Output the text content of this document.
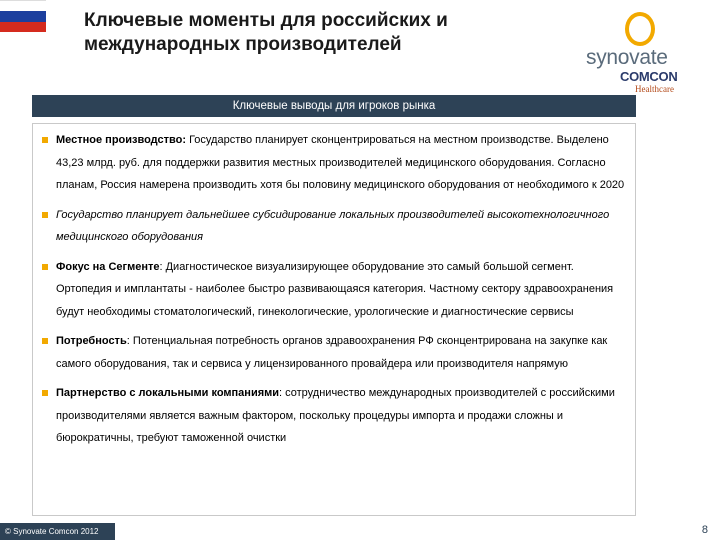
Ключевые моменты для российских и
международных производителей
synovate
COMCON
Healthcare
Ключевые выводы для игроков рынка
Местное производство: Государство планирует сконцентрироваться на местном производстве. Выделено 43,23 млрд. руб. для поддержки развития местных производителей медицинского оборудования. Согласно планам, Россия намерена производить хотя бы половину медицинского оборудования от необходимого к 2020
Государство планирует дальнейшее субсидирование локальных производителей высокотехнологичного медицинского оборудования
Фокус на Сегменте: Диагностическое визуализирующее оборудование это самый большой сегмент. Ортопедия и имплантаты - наиболее быстро развивающаяся категория. Частному сектору здравоохранения будут необходимы стоматологический, гинекологические, урологические и диагностические сервисы
Потребность: Потенциальная потребность органов здравоохранения РФ сконцентрирована на закупке как самого оборудования, так и сервиса у лицензированного провайдера или производителя напрямую
Партнерство с локальными компаниями: сотрудничество международных производителей с российскими производителями является важным фактором, поскольку процедуры импорта и продажи сложны и бюрократичны, требуют таможенной очистки
© Synovate Comcon 2012	8
